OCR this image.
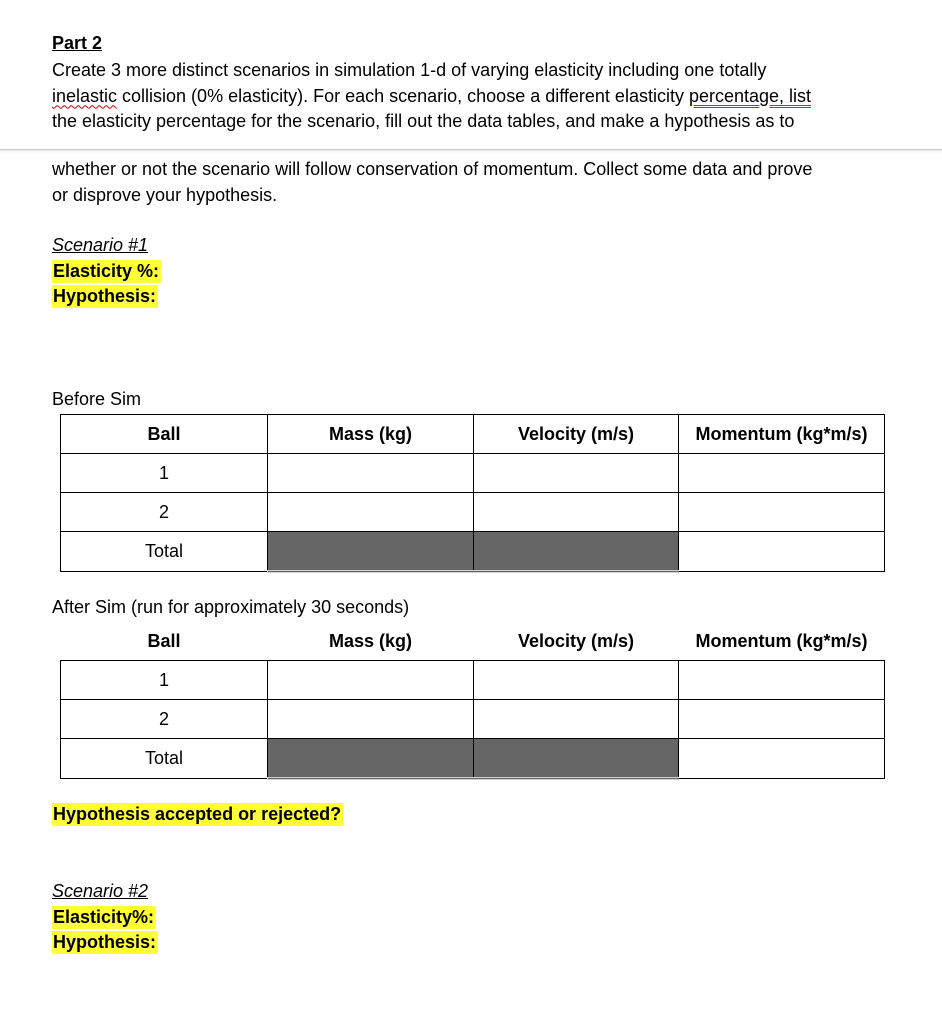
Part 2

Create 3 more distinct scenarios in simulation 1-d of varying elasticity including one totally

inelastic collision (0% elasticity). For each scenario, choose a different elasticity percentage, list

the elasticity percentage for the scenario, fill out the data tables, and make a hypothesis as to

whether or not the scenario will follow conservation of momentum. Collect some data and prove

or disprove your hypothesis.

Scenario #1
Elasticity %:
Hypothesis:
Before Sim
Ball	Mass (kg)	Velocity (m/s)	Momentum (kg*m/s)
1			
2			
Total			
After Sim (run for approximately 30 seconds)
Ball	Mass (kg)	Velocity (m/s)	Momentum (kg*m/s)
1			
2			
Total			
Hypothesis accepted or rejected?
Scenario #2
Elasticity%:
Hypothesis:
